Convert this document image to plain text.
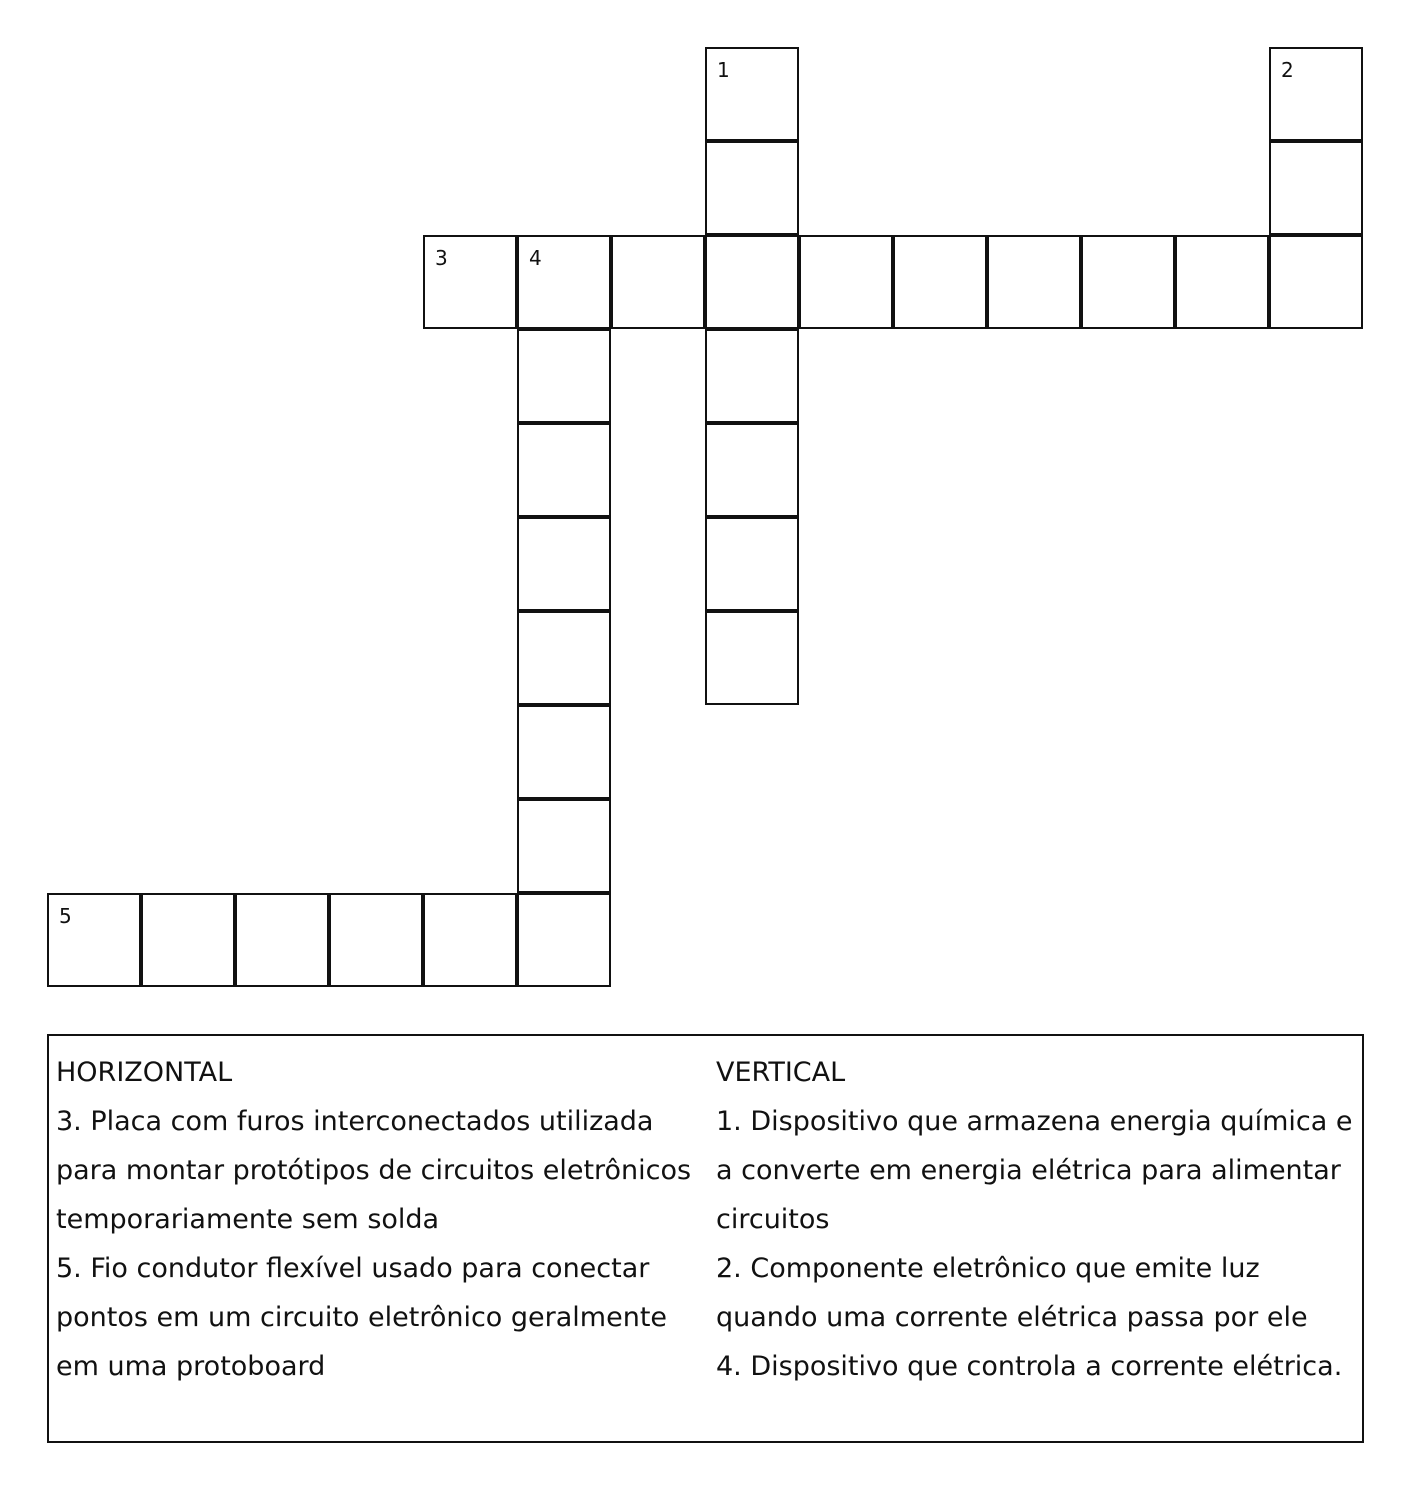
1	2
3	4
5
HORIZONTAL
3. Placa com furos interconectados utilizada para montar protótipos de circuitos eletrônicos temporariamente sem solda
5. Fio condutor flexível usado para conectar pontos em um circuito eletrônico geralmente em uma protoboard
VERTICAL
1. Dispositivo que armazena energia química e a converte em energia elétrica para alimentar circuitos
2. Componente eletrônico que emite luz quando uma corrente elétrica passa por ele
4. Dispositivo que controla a corrente elétrica.
